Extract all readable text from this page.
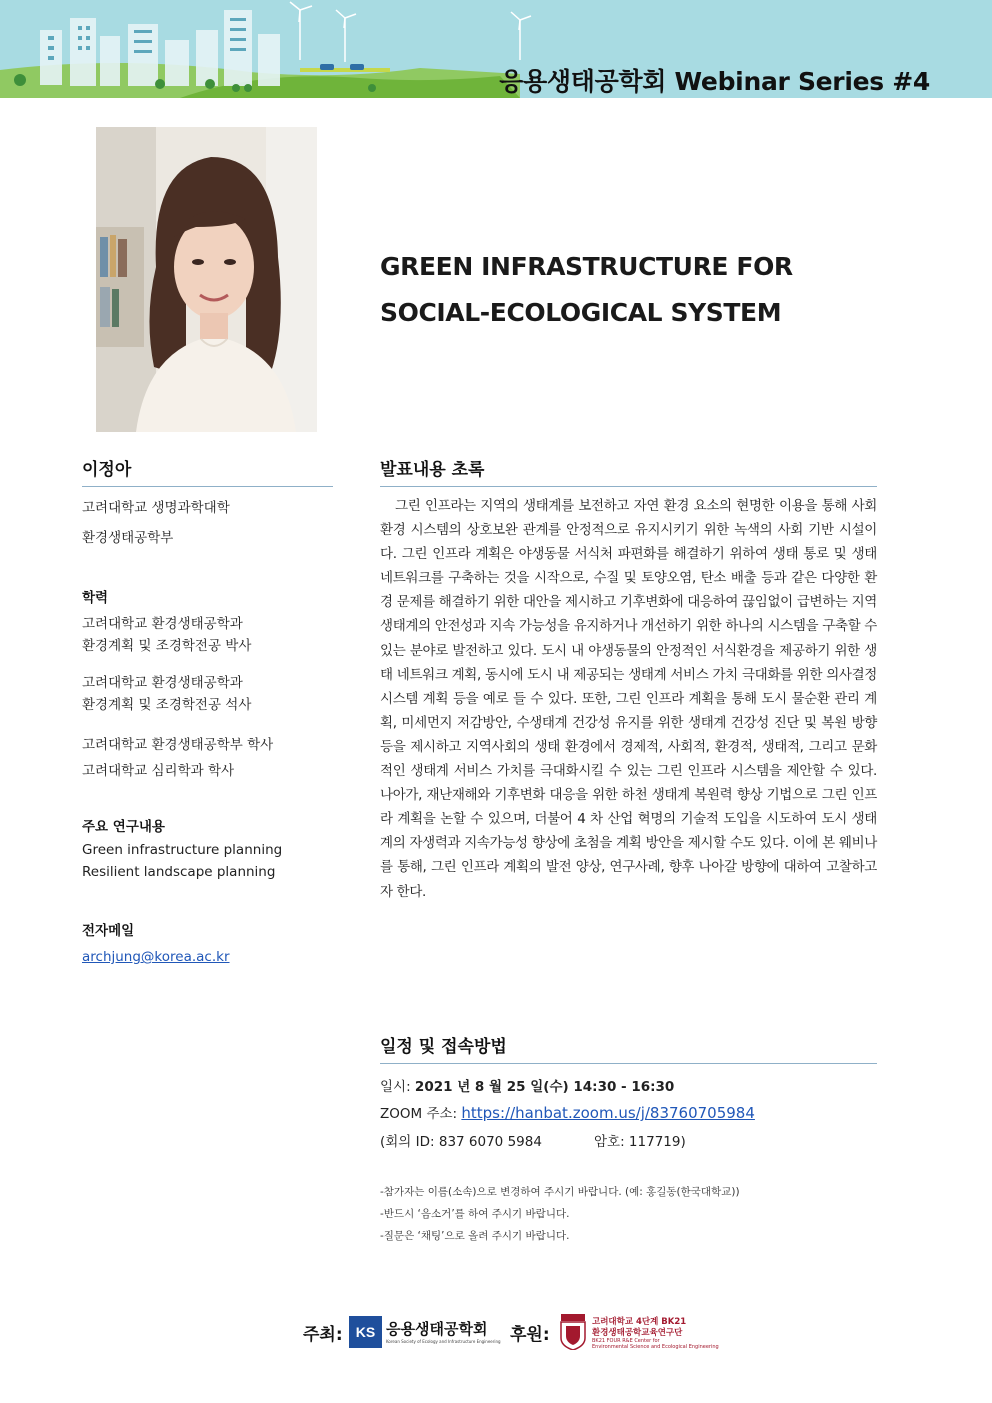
응용생태공학회 Webinar Series #4
GREEN INFRASTRUCTURE FOR
SOCIAL-ECOLOGICAL SYSTEM
이정아
고려대학교 생명과학대학
환경생태공학부
학력
고려대학교 환경생태공학과
환경계획 및 조경학전공 박사
고려대학교 환경생태공학과
환경계획 및 조경학전공 석사
고려대학교 환경생태공학부 학사
고려대학교 심리학과 학사
주요 연구내용
Green infrastructure planning
Resilient landscape planning
전자메일
archjung@korea.ac.kr
발표내용 초록
그린 인프라는 지역의 생태계를 보전하고 자연 환경 요소의 현명한 이용을 통해 사회 환경 시스템의 상호보완 관계를 안정적으로 유지시키기 위한 녹색의 사회 기반 시설이다. 그린 인프라 계획은 야생동물 서식처 파편화를 해결하기 위하여 생태 통로 및 생태 네트워크를 구축하는 것을 시작으로, 수질 및 토양오염, 탄소 배출 등과 같은 다양한 환경 문제를 해결하기 위한 대안을 제시하고 기후변화에 대응하여 끊임없이 급변하는 지역 생태계의 안전성과 지속 가능성을 유지하거나 개선하기 위한 하나의 시스템을 구축할 수 있는 분야로 발전하고 있다. 도시 내 야생동물의 안정적인 서식환경을 제공하기 위한 생태 네트워크 계획, 동시에 도시 내 제공되는 생태계 서비스 가치 극대화를 위한 의사결정 시스템 계획 등을 예로 들 수 있다. 또한, 그린 인프라 계획을 통해 도시 물순환 관리 계획, 미세먼지 저감방안, 수생태계 건강성 유지를 위한 생태계 건강성 진단 및 복원 방향 등을 제시하고 지역사회의 생태 환경에서 경제적, 사회적, 환경적, 생태적, 그리고 문화적인 생태계 서비스 가치를 극대화시킬 수 있는 그린 인프라 시스템을 제안할 수 있다. 나아가, 재난재해와 기후변화 대응을 위한 하천 생태계 복원력 향상 기법으로 그린 인프라 계획을 논할 수 있으며, 더불어 4 차 산업 혁명의 기술적 도입을 시도하여 도시 생태계의 자생력과 지속가능성 향상에 초첨을 계획 방안을 제시할 수도 있다. 이에 본 웨비나를 통해, 그린 인프라 계획의 발전 양상, 연구사례, 향후 나아갈 방향에 대하여 고찰하고자 한다.
일정 및 접속방법
일시: 2021 년 8 월 25 일(수) 14:30 - 16:30
ZOOM 주소: https://hanbat.zoom.us/j/83760705984
(회의 ID: 837 6070 5984	암호: 117719)
-참가자는 이름(소속)으로 변경하여 주시기 바랍니다. (예: 홍길동(한국대학교))
-반드시 ‘음소거’를 하여 주시기 바랍니다.
-질문은 ‘채팅’으로 올려 주시기 바랍니다.
주최: KS 응용생태공학회
Korean Society of Ecology and Infrastructure Engineering 후원:
고려대학교 4단계 BK21
환경생태공학교육연구단
BK21 FOUR R&E Center for
Environmental Science and Ecological Engineering
